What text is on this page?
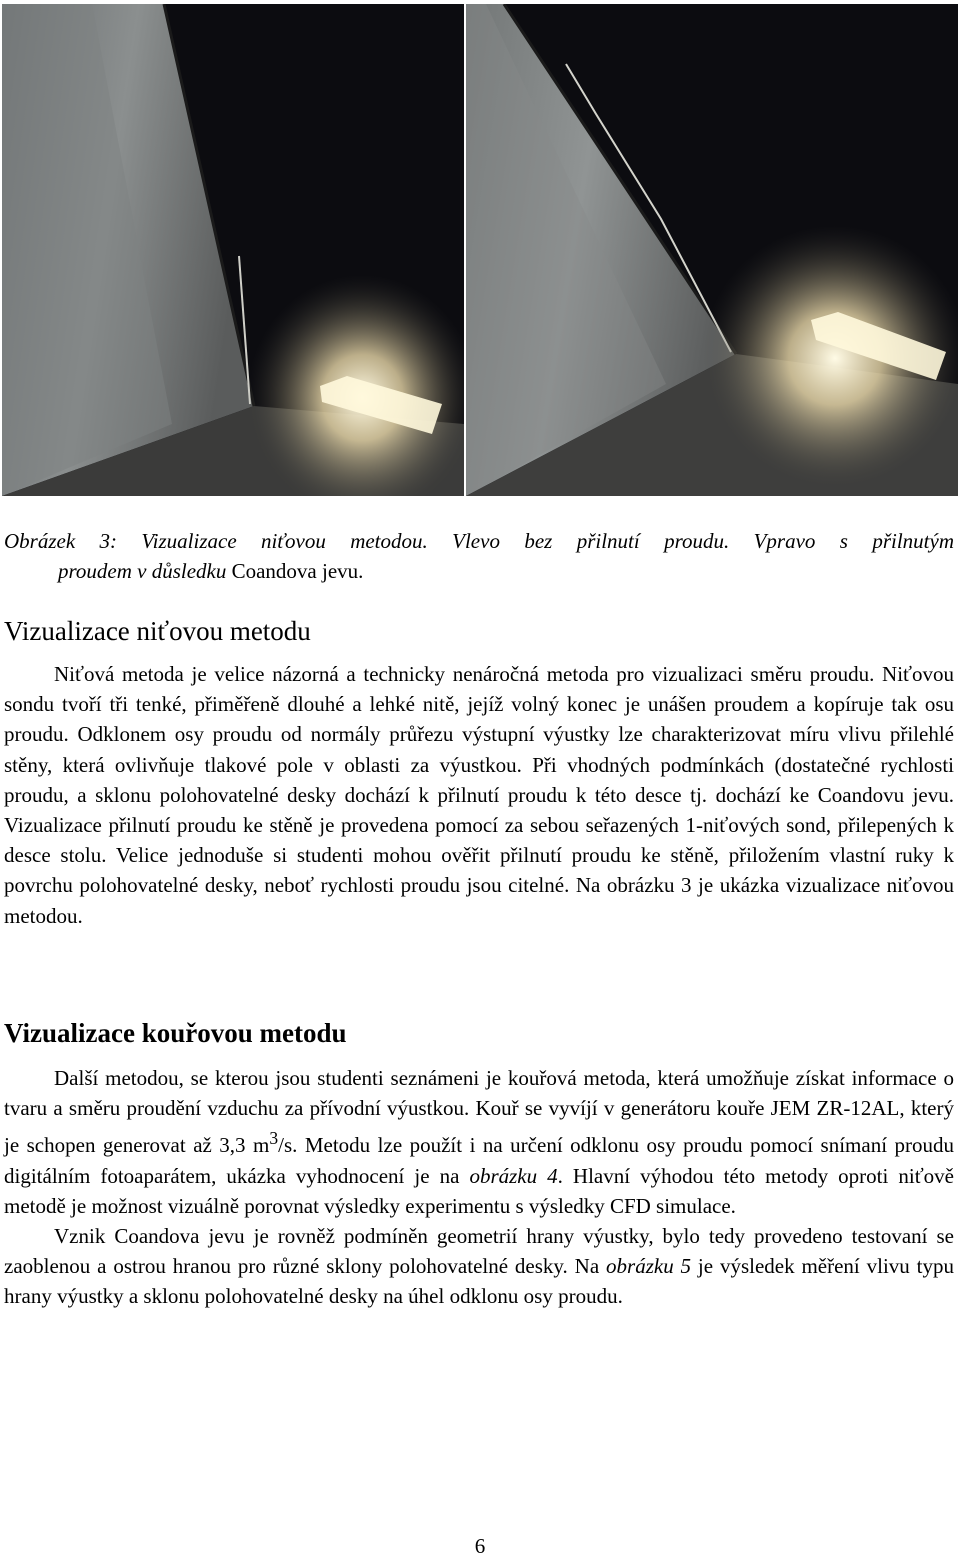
Obrázek 3: Vizualizace niťovou metodou. Vlevo bez přilnutí proudu. Vpravo s přilnutým
proudem v důsledku Coandova jevu.
Vizualizace niťovou metodu

Niťová metoda je velice názorná a technicky nenáročná metoda pro vizualizaci směru proudu. Niťovou sondu tvoří tři tenké, přiměřeně dlouhé a lehké nitě, jejíž volný konec je unášen proudem a kopíruje tak osu proudu. Odklonem osy proudu od normály průřezu výstupní výustky lze charakterizovat míru vlivu přilehlé stěny, která ovlivňuje tlakové pole v oblasti za výustkou. Při vhodných podmínkách (dostatečné rychlosti proudu, a sklonu polohovatelné desky dochází k přilnutí proudu k této desce tj. dochází ke Coandovu jevu. Vizualizace přilnutí proudu ke stěně je provedena pomocí za sebou seřazených 1-niťových sond, přilepených k desce stolu. Velice jednoduše si studenti mohou ověřit přilnutí proudu ke stěně, přiložením vlastní ruky k povrchu polohovatelné desky, neboť rychlosti proudu jsou citelné. Na obrázku 3 je ukázka vizualizace niťovou metodou.

Vizualizace kouřovou metodu

Další metodou, se kterou jsou studenti seznámeni je kouřová metoda, která umožňuje získat informace o tvaru a směru proudění vzduchu za přívodní výustkou. Kouř se vyvíjí v generátoru kouře JEM ZR-12AL, který je schopen generovat až 3,3 $m^3/s$. Metodu lze použít i na určení odklonu osy proudu pomocí snímaní proudu digitálním fotoaparátem, ukázka vyhodnocení je na obrázku 4. Hlavní výhodou této metody oproti niťově metodě je možnost vizuálně porovnat výsledky experimentu s výsledky CFD simulace.

Vznik Coandova jevu je rovněž podmíněn geometrií hrany výustky, bylo tedy provedeno testovaní se zaoblenou a ostrou hranou pro různé sklony polohovatelné desky. Na obrázku 5 je výsledek měření vlivu typu hrany výustky a sklonu polohovatelné desky na úhel odklonu osy proudu.

6
